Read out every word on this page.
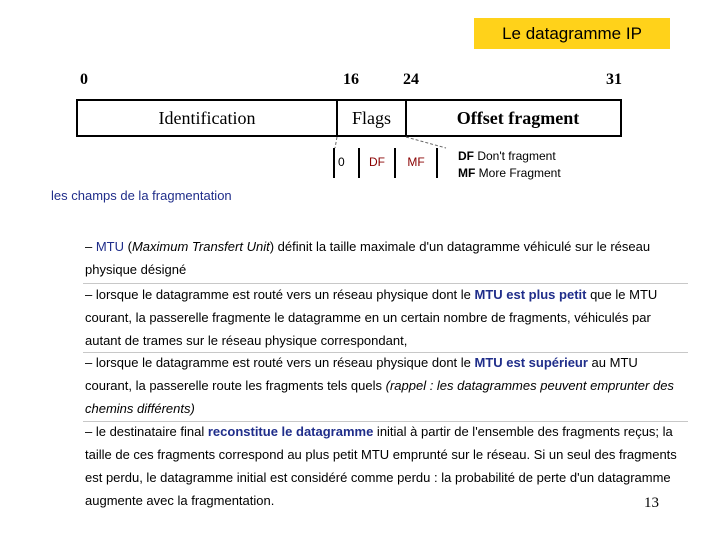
Le datagramme IP
0	16	24	31
Identification	Flags	Offset fragment
0	DF	MF	DF Don't fragment
MF More Fragment
les champs de la fragmentation
– MTU (Maximum Transfert Unit) définit la taille maximale d'un datagramme véhiculé sur le réseau physique désigné
– lorsque le datagramme est routé vers un réseau physique dont le MTU est plus petit que le MTU courant, la passerelle fragmente le datagramme en un certain nombre de fragments, véhiculés par autant de trames sur le réseau physique correspondant,
– lorsque le datagramme est routé vers un réseau physique dont le MTU est supérieur au MTU courant, la passerelle route les fragments tels quels (rappel : les datagrammes peuvent emprunter des chemins différents)
– le destinataire final reconstitue le datagramme initial à partir de l'ensemble des fragments reçus; la taille de ces fragments correspond au plus petit MTU emprunté sur le réseau. Si un seul des fragments est perdu, le datagramme initial est considéré comme perdu : la probabilité de perte d'un datagramme augmente avec la fragmentation.	13
